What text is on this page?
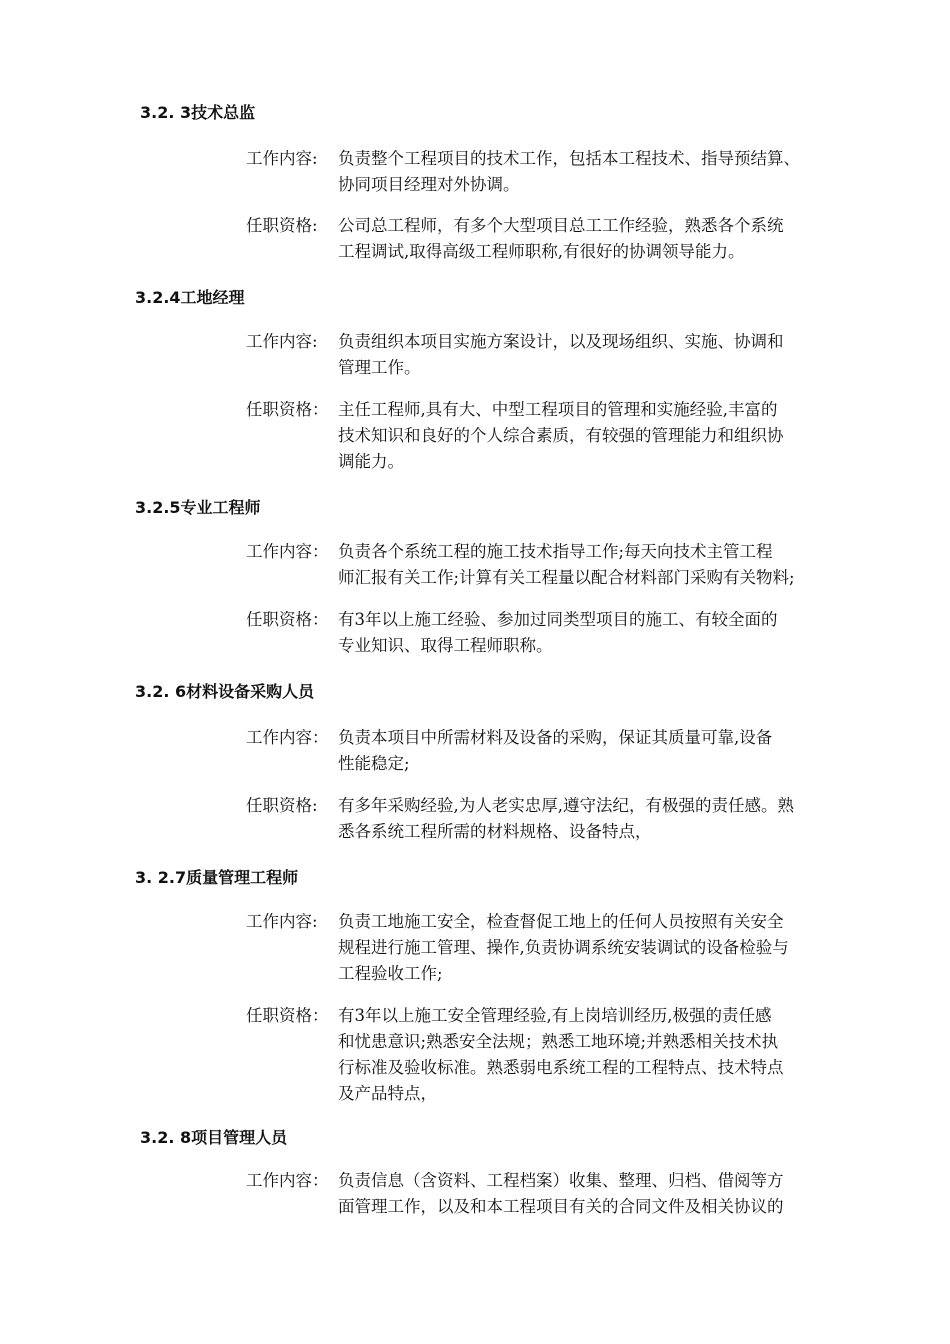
3.2. 3技术总监
工作内容: 负责整个工程项目的技术工作，包括本工程技术、指导预结算、
协同项目经理对外协调。
任职资格: 公司总工程师，有多个大型项目总工工作经验，熟悉各个系统
工程调试,取得高级工程师职称,有很好的协调领导能力。
3.2.4工地经理
工作内容: 负责组织本项目实施方案设计，以及现场组织、实施、协调和
管理工作。
任职资格： 主任工程师,具有大、中型工程项目的管理和实施经验,丰富的
技术知识和良好的个人综合素质，有较强的管理能力和组织协
调能力。
3.2.5专业工程师
工作内容： 负责各个系统工程的施工技术指导工作;每天向技术主管工程
师汇报有关工作;计算有关工程量以配合材料部门采购有关物料;
任职资格： 有3年以上施工经验、参加过同类型项目的施工、有较全面的
专业知识、取得工程师职称。
3.2. 6材料设备采购人员
工作内容： 负责本项目中所需材料及设备的采购，保证其质量可靠,设备
性能稳定;
任职资格: 有多年采购经验,为人老实忠厚,遵守法纪，有极强的责任感。熟
悉各系统工程所需的材料规格、设备特点，
3. 2.7质量管理工程师
工作内容: 负责工地施工安全，检查督促工地上的任何人员按照有关安全
规程进行施工管理、操作,负责协调系统安装调试的设备检验与
工程验收工作;
任职资格： 有3年以上施工安全管理经验,有上岗培训经历,极强的责任感
和忧患意识;熟悉安全法规；熟悉工地环境;并熟悉相关技术执
行标准及验收标准。熟悉弱电系统工程的工程特点、技术特点
及产品特点，
3.2. 8项目管理人员
工作内容： 负责信息（含资料、工程档案）收集、整理、归档、借阅等方
面管理工作，以及和本工程项目有关的合同文件及相关协议的
